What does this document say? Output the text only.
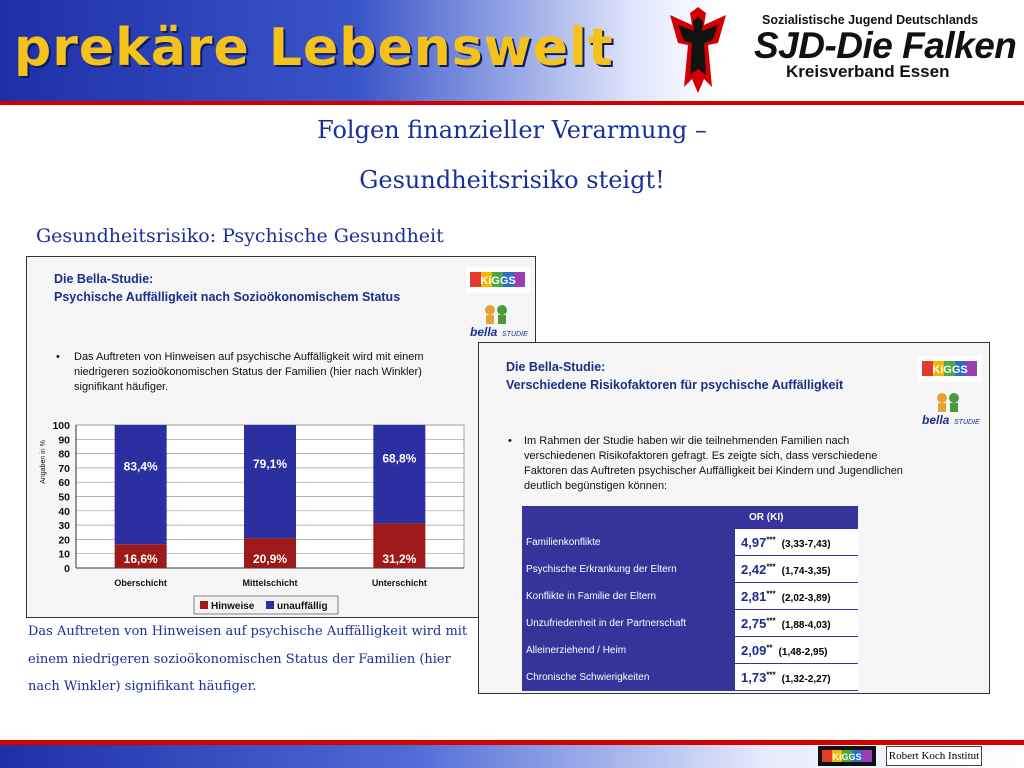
prekäre Lebenswelt	Sozialistische Jugend Deutschlands
SJD-Die Falken
Kreisverband Essen
Folgen finanzieller Verarmung –
Gesundheitsrisiko steigt!
Gesundheitsrisiko: Psychische Gesundheit
Die Bella-Studie:
Psychische Auffälligkeit nach Sozioökonomischem Status
•	Das Auftreten von Hinweisen auf psychische Auffälligkeit wird mit einem niedrigeren sozioökonomischen Status der Familien (hier nach Winkler) signifikant häufiger.
KiGGS
bella STUDIE
0
10
20
30
40
50
60
70
80
90
100
16,6%
83,4%
20,9%
79,1%
31,2%
68,8%
Oberschicht	Mittelschicht	Unterschicht
Angaben in %
Hinweise unauffällig
Das Auftreten von Hinweisen auf psychische Auffälligkeit wird mit einem niedrigeren sozioökonomischen Status der Familien (hier nach Winkler) signifikant häufiger.
Die Bella-Studie:
Verschiedene Risikofaktoren für psychische Auffälligkeit
•	Im Rahmen der Studie haben wir die teilnehmenden Familien nach verschiedenen Risikofaktoren gefragt. Es zeigte sich, dass verschiedene Faktoren das Auftreten psychischer Auffälligkeit bei Kindern und Jugendlichen deutlich begünstigen können:
KiGGS
bella STUDIE
	OR (KI)
Familienkonflikte	4,97*** (3,33-7,43)
Psychische Erkrankung der Eltern	2,42*** (1,74-3,35)
Konflikte in Familie der Eltern	2,81*** (2,02-3,89)
Unzufriedenheit in der Partnerschaft	2,75*** (1,88-4,03)
Alleinerziehend / Heim	2,09** (1,48-2,95)
Chronische Schwierigkeiten	1,73*** (1,32-2,27)
KiGGS Robert Koch Institut
